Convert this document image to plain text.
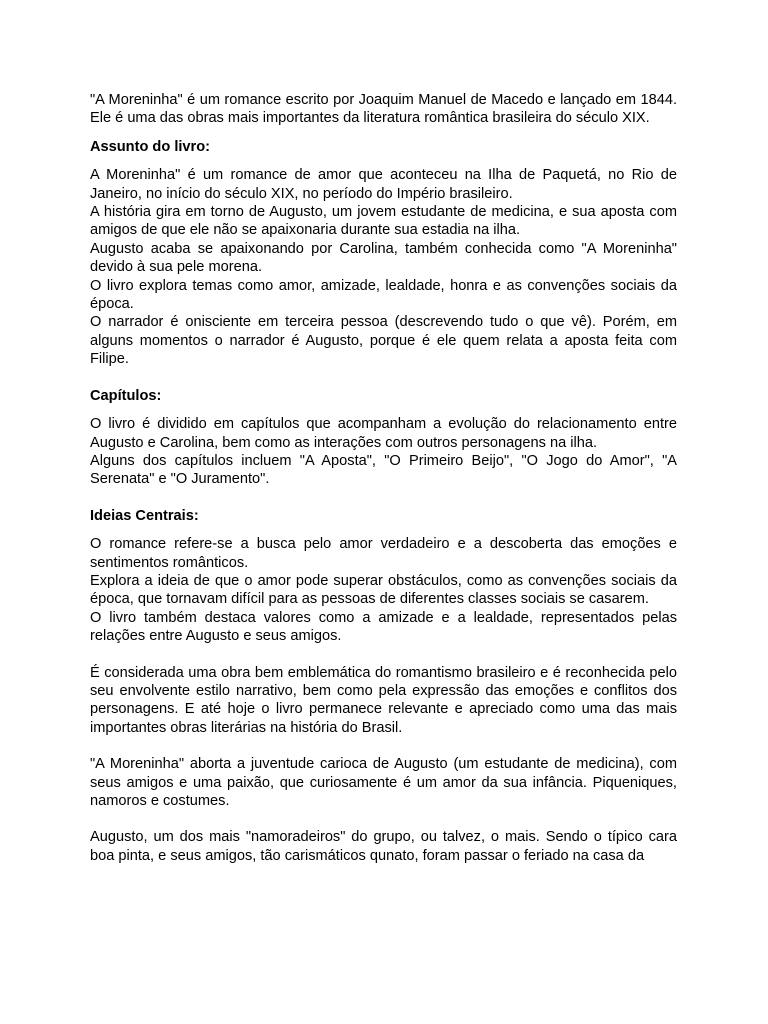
"A Moreninha" é um romance escrito por Joaquim Manuel de Macedo e lançado em 1844. Ele é uma das obras mais importantes da literatura romântica brasileira do século XIX.

Assunto do livro:

A Moreninha" é um romance de amor que aconteceu na Ilha de Paquetá, no Rio de Janeiro, no início do século XIX, no período do Império brasileiro.
A história gira em torno de Augusto, um jovem estudante de medicina, e sua aposta com amigos de que ele não se apaixonaria durante sua estadia na ilha.
Augusto acaba se apaixonando por Carolina, também conhecida como "A Moreninha" devido à sua pele morena.
O livro explora temas como amor, amizade, lealdade, honra e as convenções sociais da época.
O narrador é onisciente em terceira pessoa (descrevendo tudo o que vê). Porém, em alguns momentos o narrador é Augusto, porque é ele quem relata a aposta feita com Filipe.

Capítulos:

O livro é dividido em capítulos que acompanham a evolução do relacionamento entre Augusto e Carolina, bem como as interações com outros personagens na ilha.
Alguns dos capítulos incluem "A Aposta", "O Primeiro Beijo", "O Jogo do Amor", "A Serenata" e "O Juramento".

Ideias Centrais:

O romance refere-se a busca pelo amor verdadeiro e a descoberta das emoções e sentimentos românticos.
Explora a ideia de que o amor pode superar obstáculos, como as convenções sociais da época, que tornavam difícil para as pessoas de diferentes classes sociais se casarem.
O livro também destaca valores como a amizade e a lealdade, representados pelas relações entre Augusto e seus amigos.

É considerada uma obra bem emblemática do romantismo brasileiro e é reconhecida pelo seu envolvente estilo narrativo, bem como pela expressão das emoções e conflitos dos personagens. E até hoje o livro permanece relevante e apreciado como uma das mais importantes obras literárias na história do Brasil.

"A Moreninha" aborta a juventude carioca de Augusto (um estudante de medicina), com seus amigos e uma paixão, que curiosamente é um amor da sua infância. Piqueniques, namoros e costumes.

Augusto, um dos mais "namoradeiros" do grupo, ou talvez, o mais. Sendo o típico cara boa pinta, e seus amigos, tão carismáticos qunato, foram passar o feriado na casa da
